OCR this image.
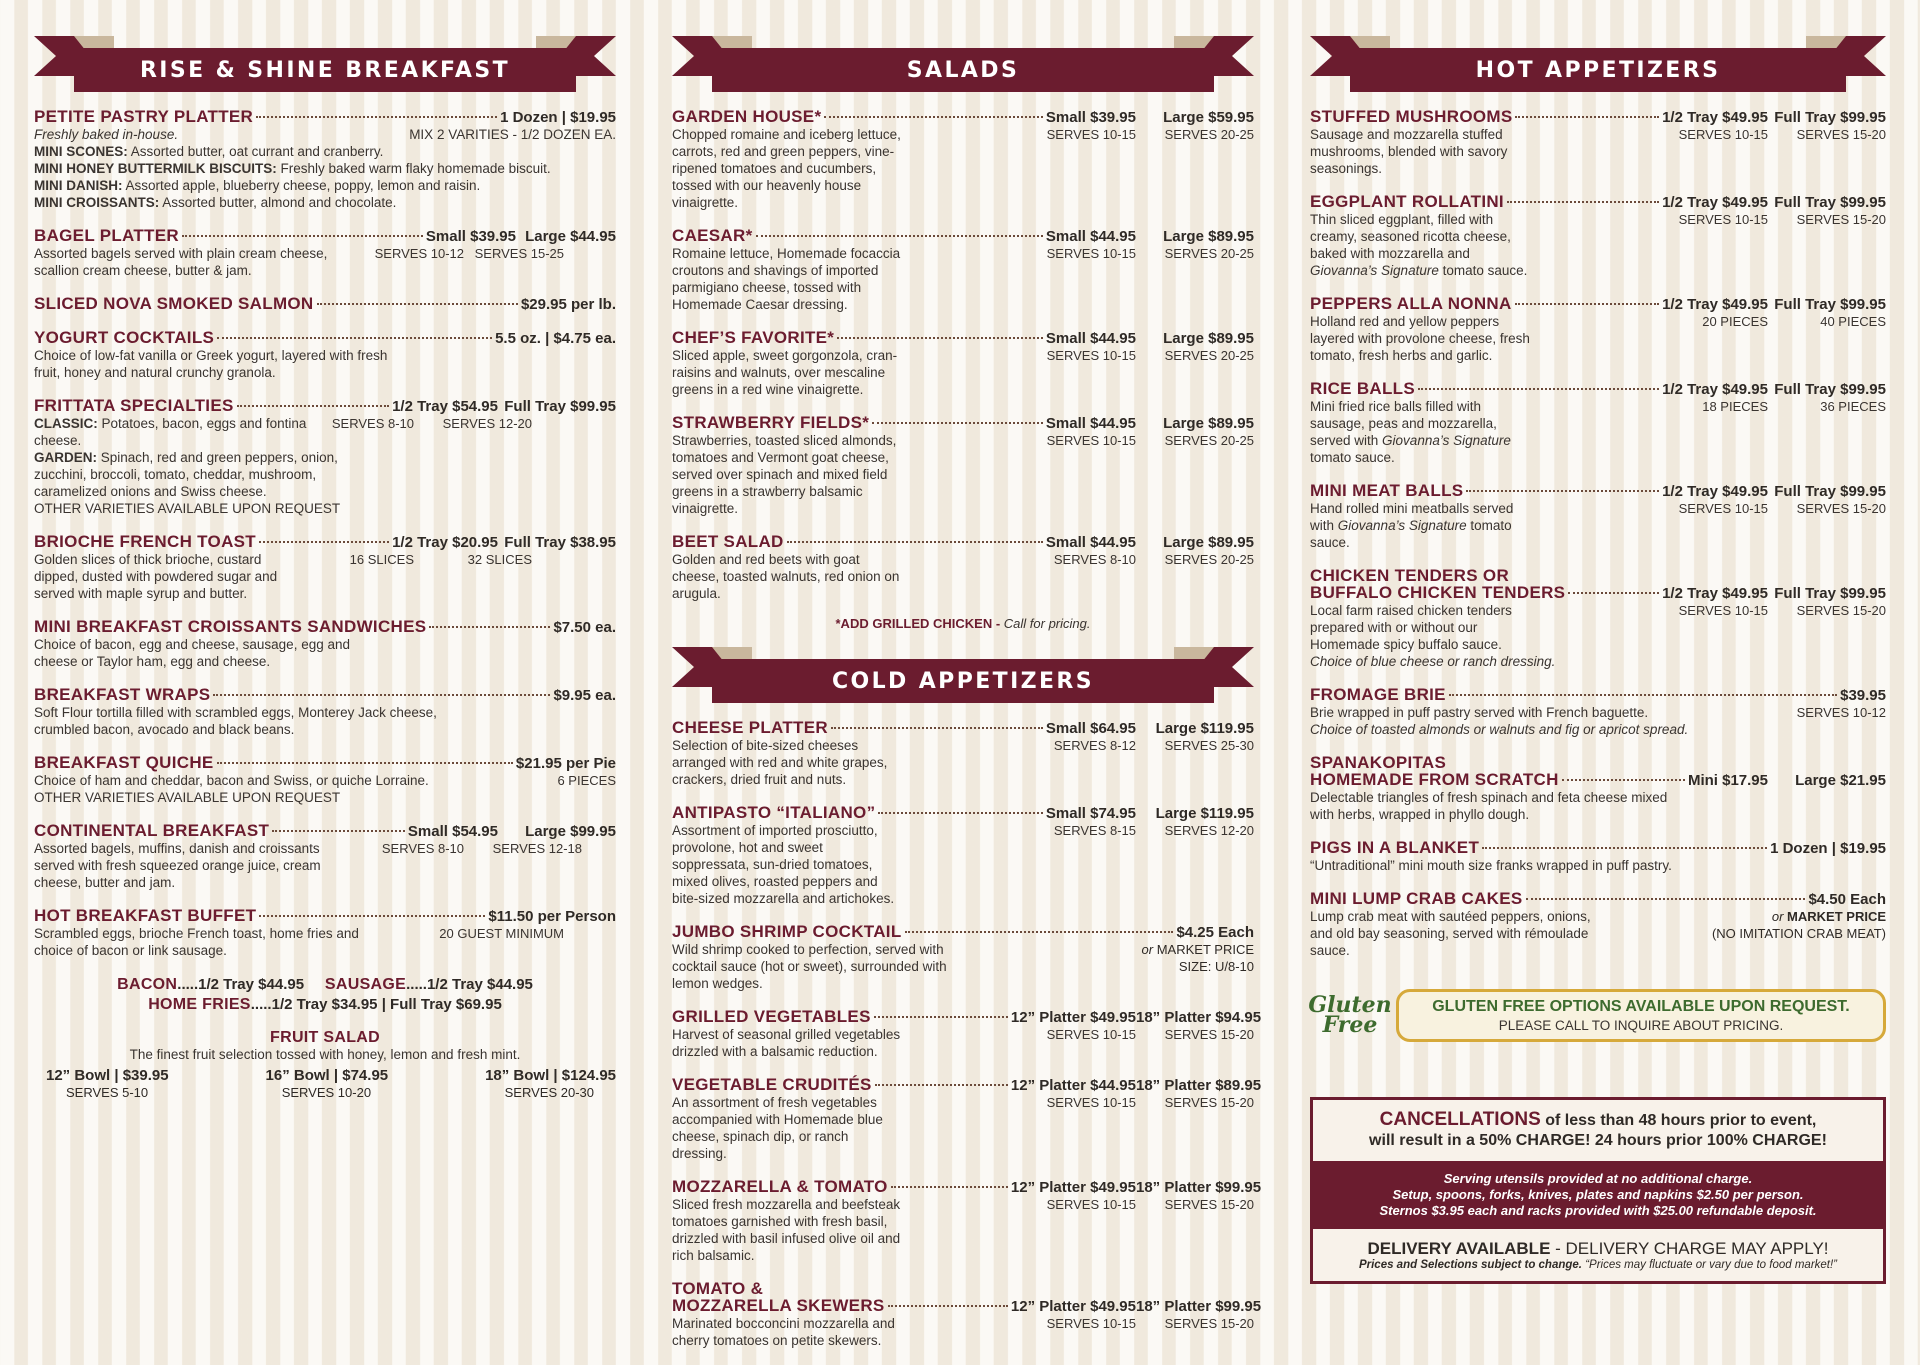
RISE & SHINE BREAKFAST
PETITE PASTRY PLATTER	1 Dozen | $19.95
Freshly baked in-house.	MIX 2 VARITIES - 1/2 DOZEN EA.
MINI SCONES: Assorted butter, oat currant and cranberry.
MINI HONEY BUTTERMILK BISCUITS: Freshly baked warm flaky homemade biscuit.
MINI DANISH: Assorted apple, blueberry cheese, poppy, lemon and raisin.
MINI CROISSANTS: Assorted butter, almond and chocolate.
BAGEL PLATTER	Small $39.95 Large $44.95
Assorted bagels served with plain cream cheese, scallion cream cheese, butter & jam.
SERVES 10-12 SERVES 15-25
SLICED NOVA SMOKED SALMON	$29.95 per lb.
YOGURT COCKTAILS	5.5 oz. | $4.75 ea.
Choice of low-fat vanilla or Greek yogurt, layered with fresh fruit, honey and natural crunchy granola.
FRITTATA SPECIALTIES	1/2 Tray $54.95 Full Tray $99.95
CLASSIC: Potatoes, bacon, eggs and fontina cheese.
SERVES 8-10	SERVES 12-20
GARDEN: Spinach, red and green peppers, onion, zucchini, broccoli, tomato, cheddar, mushroom, caramelized onions and Swiss cheese.
OTHER VARIETIES AVAILABLE UPON REQUEST
BRIOCHE FRENCH TOAST	1/2 Tray $20.95 Full Tray $38.95
Golden slices of thick brioche, custard dipped, dusted with powdered sugar and served with maple syrup and butter.
16 SLICES	32 SLICES
MINI BREAKFAST CROISSANTS SANDWICHES	$7.50 ea.
Choice of bacon, egg and cheese, sausage, egg and cheese or Taylor ham, egg and cheese.
BREAKFAST WRAPS	$9.95 ea.
Soft Flour tortilla filled with scrambled eggs, Monterey Jack cheese, crumbled bacon, avocado and black beans.
BREAKFAST QUICHE	$21.95 per Pie
Choice of ham and cheddar, bacon and Swiss, or quiche Lorraine.	6 PIECES
OTHER VARIETIES AVAILABLE UPON REQUEST
CONTINENTAL BREAKFAST	Small $54.95	Large $99.95
Assorted bagels, muffins, danish and croissants served with fresh squeezed orange juice, cream cheese, butter and jam.
SERVES 8-10	SERVES 12-18
HOT BREAKFAST BUFFET	$11.50 per Person
Scrambled eggs, brioche French toast, home fries and choice of bacon or link sausage.
20 GUEST MINIMUM
BACON.....1/2 Tray $44.95 SAUSAGE.....1/2 Tray $44.95
HOME FRIES.....1/2 Tray $34.95 | Full Tray $69.95
FRUIT SALAD
The finest fruit selection tossed with honey, lemon and fresh mint.
12” Bowl | $39.95	16” Bowl | $74.95	18” Bowl | $124.95
SERVES 5-10	SERVES 10-20	SERVES 20-30
SALADS
GARDEN HOUSE*	Small $39.95	Large $59.95
Chopped romaine and iceberg lettuce, carrots, red and green peppers, vine-ripened tomatoes and cucumbers, tossed with our heavenly house vinaigrette.
SERVES 10-15	SERVES 20-25
CAESAR*	Small $44.95	Large $89.95
Romaine lettuce, Homemade focaccia croutons and shavings of imported parmigiano cheese, tossed with Homemade Caesar dressing.
SERVES 10-15	SERVES 20-25
CHEF’S FAVORITE*	Small $44.95	Large $89.95
Sliced apple, sweet gorgonzola, cran-raisins and walnuts, over mescaline greens in a red wine vinaigrette.
SERVES 10-15	SERVES 20-25
STRAWBERRY FIELDS*	Small $44.95	Large $89.95
Strawberries, toasted sliced almonds, tomatoes and Vermont goat cheese, served over spinach and mixed field greens in a strawberry balsamic vinaigrette.
SERVES 10-15	SERVES 20-25
BEET SALAD	Small $44.95	Large $89.95
Golden and red beets with goat cheese, toasted walnuts, red onion on arugula.
SERVES 8-10	SERVES 20-25
*ADD GRILLED CHICKEN - Call for pricing.
COLD APPETIZERS
CHEESE PLATTER	Small $64.95	Large $119.95
Selection of bite-sized cheeses arranged with red and white grapes, crackers, dried fruit and nuts.
SERVES 8-12	SERVES 25-30
ANTIPASTO “ITALIANO”	Small $74.95	Large $119.95
Assortment of imported prosciutto, provolone, hot and sweet soppressata, sun-dried tomatoes, mixed olives, roasted peppers and bite-sized mozzarella and artichokes.
SERVES 8-15	SERVES 12-20
JUMBO SHRIMP COCKTAIL	$4.25 Each
Wild shrimp cooked to perfection, served with cocktail sauce (hot or sweet), surrounded with lemon wedges.
or MARKET PRICE
SIZE: U/8-10
GRILLED VEGETABLES	12” Platter $49.95 18” Platter $94.95
Harvest of seasonal grilled vegetables drizzled with a balsamic reduction.
SERVES 10-15	SERVES 15-20
VEGETABLE CRUDITÉS	12” Platter $44.95 18” Platter $89.95
An assortment of fresh vegetables accompanied with Homemade blue cheese, spinach dip, or ranch dressing.
SERVES 10-15	SERVES 15-20
MOZZARELLA & TOMATO	12” Platter $49.95 18” Platter $99.95
Sliced fresh mozzarella and beefsteak tomatoes garnished with fresh basil, drizzled with basil infused olive oil and rich balsamic.
SERVES 10-15	SERVES 15-20
TOMATO &
MOZZARELLA SKEWERS	12” Platter $49.95 18” Platter $99.95
Marinated bocconcini mozzarella and cherry tomatoes on petite skewers.
SERVES 10-15	SERVES 15-20
HOT APPETIZERS
STUFFED MUSHROOMS	1/2 Tray $49.95 Full Tray $99.95
Sausage and mozzarella stuffed mushrooms, blended with savory seasonings.
SERVES 10-15	SERVES 15-20
EGGPLANT ROLLATINI	1/2 Tray $49.95 Full Tray $99.95
Thin sliced eggplant, filled with creamy, seasoned ricotta cheese, baked with mozzarella and Giovanna’s Signature tomato sauce.
SERVES 10-15	SERVES 15-20
PEPPERS ALLA NONNA	1/2 Tray $49.95 Full Tray $99.95
Holland red and yellow peppers layered with provolone cheese, fresh tomato, fresh herbs and garlic.
20 PIECES	40 PIECES
RICE BALLS	1/2 Tray $49.95 Full Tray $99.95
Mini fried rice balls filled with sausage, peas and mozzarella, served with Giovanna’s Signature tomato sauce.
18 PIECES	36 PIECES
MINI MEAT BALLS	1/2 Tray $49.95 Full Tray $99.95
Hand rolled mini meatballs served with Giovanna’s Signature tomato sauce.
SERVES 10-15	SERVES 15-20
CHICKEN TENDERS OR
BUFFALO CHICKEN TENDERS	1/2 Tray $49.95 Full Tray $99.95
Local farm raised chicken tenders prepared with or without our Homemade spicy buffalo sauce.
SERVES 10-15	SERVES 15-20
Choice of blue cheese or ranch dressing.
FROMAGE BRIE	$39.95
Brie wrapped in puff pastry served with French baguette.	SERVES 10-12
Choice of toasted almonds or walnuts and fig or apricot spread.
SPANAKOPITAS
HOMEMADE FROM SCRATCH	Mini $17.95	Large $21.95
Delectable triangles of fresh spinach and feta cheese mixed with herbs, wrapped in phyllo dough.
PIGS IN A BLANKET	1 Dozen | $19.95
“Untraditional” mini mouth size franks wrapped in puff pastry.
MINI LUMP CRAB CAKES	$4.50 Each
Lump crab meat with sautéed peppers, onions, and old bay seasoning, served with rémoulade sauce.
or MARKET PRICE
(NO IMITATION CRAB MEAT)
Gluten
Free
GLUTEN FREE OPTIONS AVAILABLE UPON REQUEST.
PLEASE CALL TO INQUIRE ABOUT PRICING.
CANCELLATIONS of less than 48 hours prior to event,
will result in a 50% CHARGE! 24 hours prior 100% CHARGE!
Serving utensils provided at no additional charge.
Setup, spoons, forks, knives, plates and napkins $2.50 per person.
Sternos $3.95 each and racks provided with $25.00 refundable deposit.
DELIVERY AVAILABLE - DELIVERY CHARGE MAY APPLY!
Prices and Selections subject to change. “Prices may fluctuate or vary due to food market!”
